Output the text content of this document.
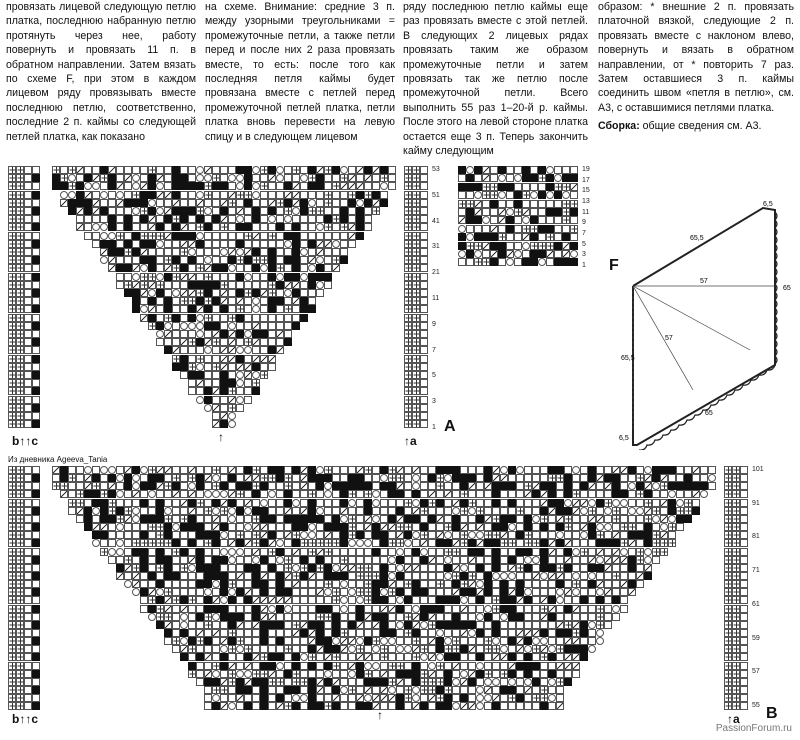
провязать лицевой следующую петлю платка, последнюю набранную петлю протянуть через нее, работу повернуть и провязать 11 п. в обратном направлении. Затем вязать по схеме F, при этом в каждом лицевом ряду провязывать вместе последнюю петлю, соответственно, последние 2 п. каймы со следующей петлей платка, как показано

на схеме. Внимание: средние 3 п. между узорными треугольниками = промежуточные петли, а также петли перед и после них 2 раза провязать вместе, то есть: после того как последняя петля каймы будет провязана вместе с петлей перед промежуточной петлей платка, петли платка вновь перевести на левую спицу и в следующем лицевом

ряду последнюю петлю каймы еще раз провязать вместе с этой петлей. В следующих 2 лицевых рядах провязать таким же образом промежуточные петли и затем провязать так же петлю после промежуточной петли. Всего выполнить 55 раз 1–20-й р. каймы. После этого на левой стороне платка остается еще 3 п. Теперь закончить кайму следующим

образом: * внешние 2 п. провязать платочной вязкой, следующие 2 п. провязать вместе с наклоном влево, повернуть и вязать в обратном направлении, от * повторить 7 раз. Затем оставшиеся 3 п. каймы соединить швом «петля в петлю», см. А3, с оставшимися петлями платка.

Сборка: общие сведения см. А3.

53
51
41
31
21
11
9
7
5
3
1 A
b↑↑c	↑	↑a
19
17
15
13
11
9
7
5
3
1 F
6,5
65,5
65
57
57
65,5
65
6,5
Из дневника Ageeva_Tania
101
91
81
71
61
59
57
55 B
b↑↑c	↑	↑a
PassionForum.ru
